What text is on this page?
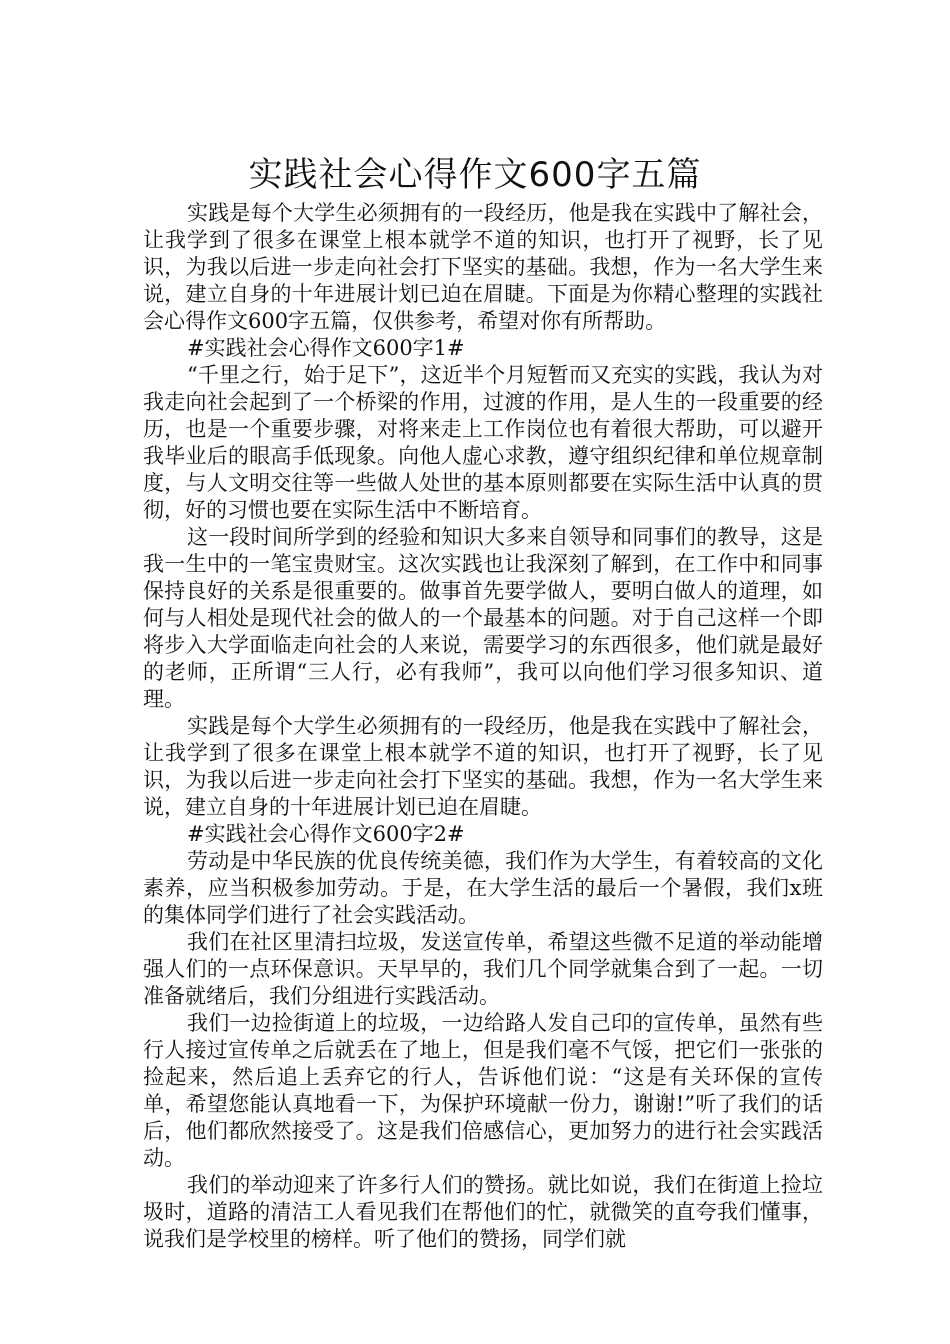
实践社会心得作文600字五篇

实践是每个大学生必须拥有的一段经历，他是我在实践中了解社会，让我学到了很多在课堂上根本就学不道的知识，也打开了视野，长了见识，为我以后进一步走向社会打下坚实的基础。我想，作为一名大学生来说，建立自身的十年进展计划已迫在眉睫。下面是为你精心整理的实践社会心得作文600字五篇，仅供参考，希望对你有所帮助。

#实践社会心得作文600字1#

“千里之行，始于足下”，这近半个月短暂而又充实的实践，我认为对我走向社会起到了一个桥梁的作用，过渡的作用，是人生的一段重要的经历，也是一个重要步骤，对将来走上工作岗位也有着很大帮助，可以避开我毕业后的眼高手低现象。向他人虚心求教，遵守组织纪律和单位规章制度，与人文明交往等一些做人处世的基本原则都要在实际生活中认真的贯彻，好的习惯也要在实际生活中不断培育。

这一段时间所学到的经验和知识大多来自领导和同事们的教导，这是我一生中的一笔宝贵财宝。这次实践也让我深刻了解到，在工作中和同事保持良好的关系是很重要的。做事首先要学做人，要明白做人的道理，如何与人相处是现代社会的做人的一个最基本的问题。对于自己这样一个即将步入大学面临走向社会的人来说，需要学习的东西很多，他们就是最好的老师，正所谓“三人行，必有我师”，我可以向他们学习很多知识、道理。

实践是每个大学生必须拥有的一段经历，他是我在实践中了解社会，让我学到了很多在课堂上根本就学不道的知识，也打开了视野，长了见识，为我以后进一步走向社会打下坚实的基础。我想，作为一名大学生来说，建立自身的十年进展计划已迫在眉睫。

#实践社会心得作文600字2#

劳动是中华民族的优良传统美德，我们作为大学生，有着较高的文化素养，应当积极参加劳动。于是，在大学生活的最后一个暑假，我们x班的集体同学们进行了社会实践活动。

我们在社区里清扫垃圾，发送宣传单，希望这些微不足道的举动能增强人们的一点环保意识。天早早的，我们几个同学就集合到了一起。一切准备就绪后，我们分组进行实践活动。

我们一边捡街道上的垃圾，一边给路人发自己印的宣传单，虽然有些行人接过宣传单之后就丢在了地上，但是我们毫不气馁，把它们一张张的捡起来，然后追上丢弃它的行人，告诉他们说：“这是有关环保的宣传单，希望您能认真地看一下，为保护环境献一份力，谢谢!”听了我们的话后，他们都欣然接受了。这是我们倍感信心，更加努力的进行社会实践活动。

我们的举动迎来了许多行人们的赞扬。就比如说，我们在街道上捡垃圾时，道路的清洁工人看见我们在帮他们的忙，就微笑的直夸我们懂事，说我们是学校里的榜样。听了他们的赞扬，同学们就
